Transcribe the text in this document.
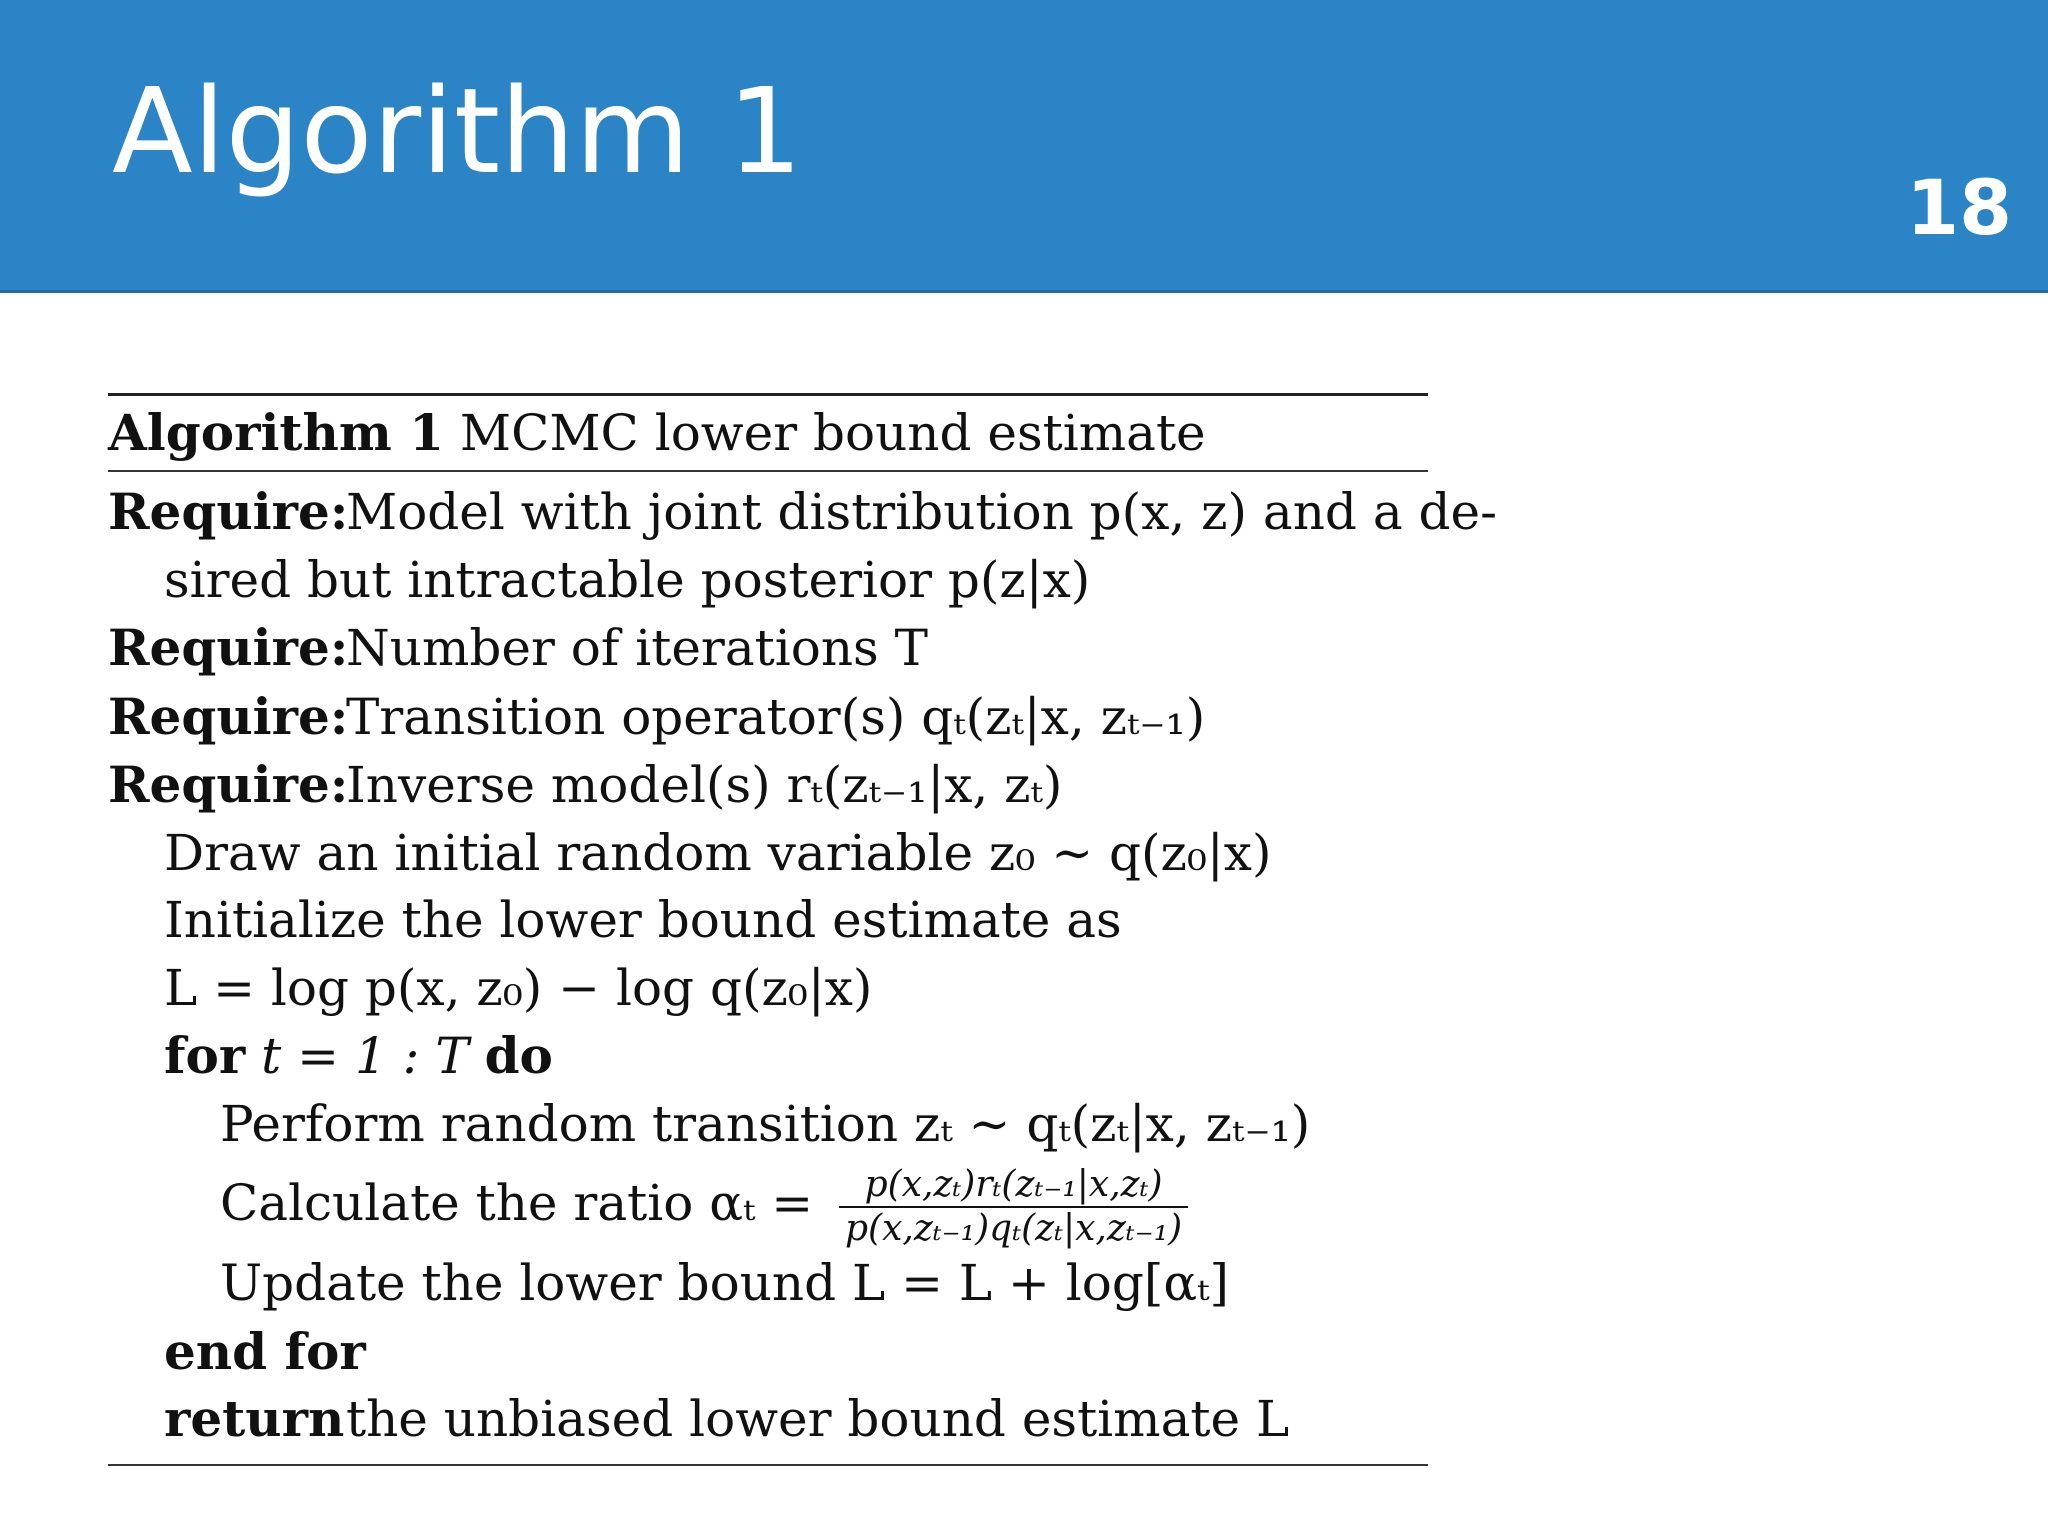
Algorithm 1
18
Algorithm 1 MCMC lower bound estimate
Require:Model with joint distribution p(x, z) and a de-
sired but intractable posterior p(z|x)
Require:Number of iterations T
Require:Transition operator(s) qₜ(zₜ|x, zₜ₋₁)
Require:Inverse model(s) rₜ(zₜ₋₁|x, zₜ)
Draw an initial random variable z₀ ∼ q(z₀|x)
Initialize the lower bound estimate as
L = log p(x, z₀) − log q(z₀|x)
for t = 1 : T do
Perform random transition zₜ ∼ qₜ(zₜ|x, zₜ₋₁)
Calculate the ratio $\alpha_t = \frac{\text{p(x,zₜ)rₜ(zₜ₋₁|x,zₜ)}}{\text{p(x,zₜ₋₁)qₜ(zₜ|x,zₜ₋₁)}}$
Update the lower bound L = L + log[αₜ]
end for
returnthe unbiased lower bound estimate L
